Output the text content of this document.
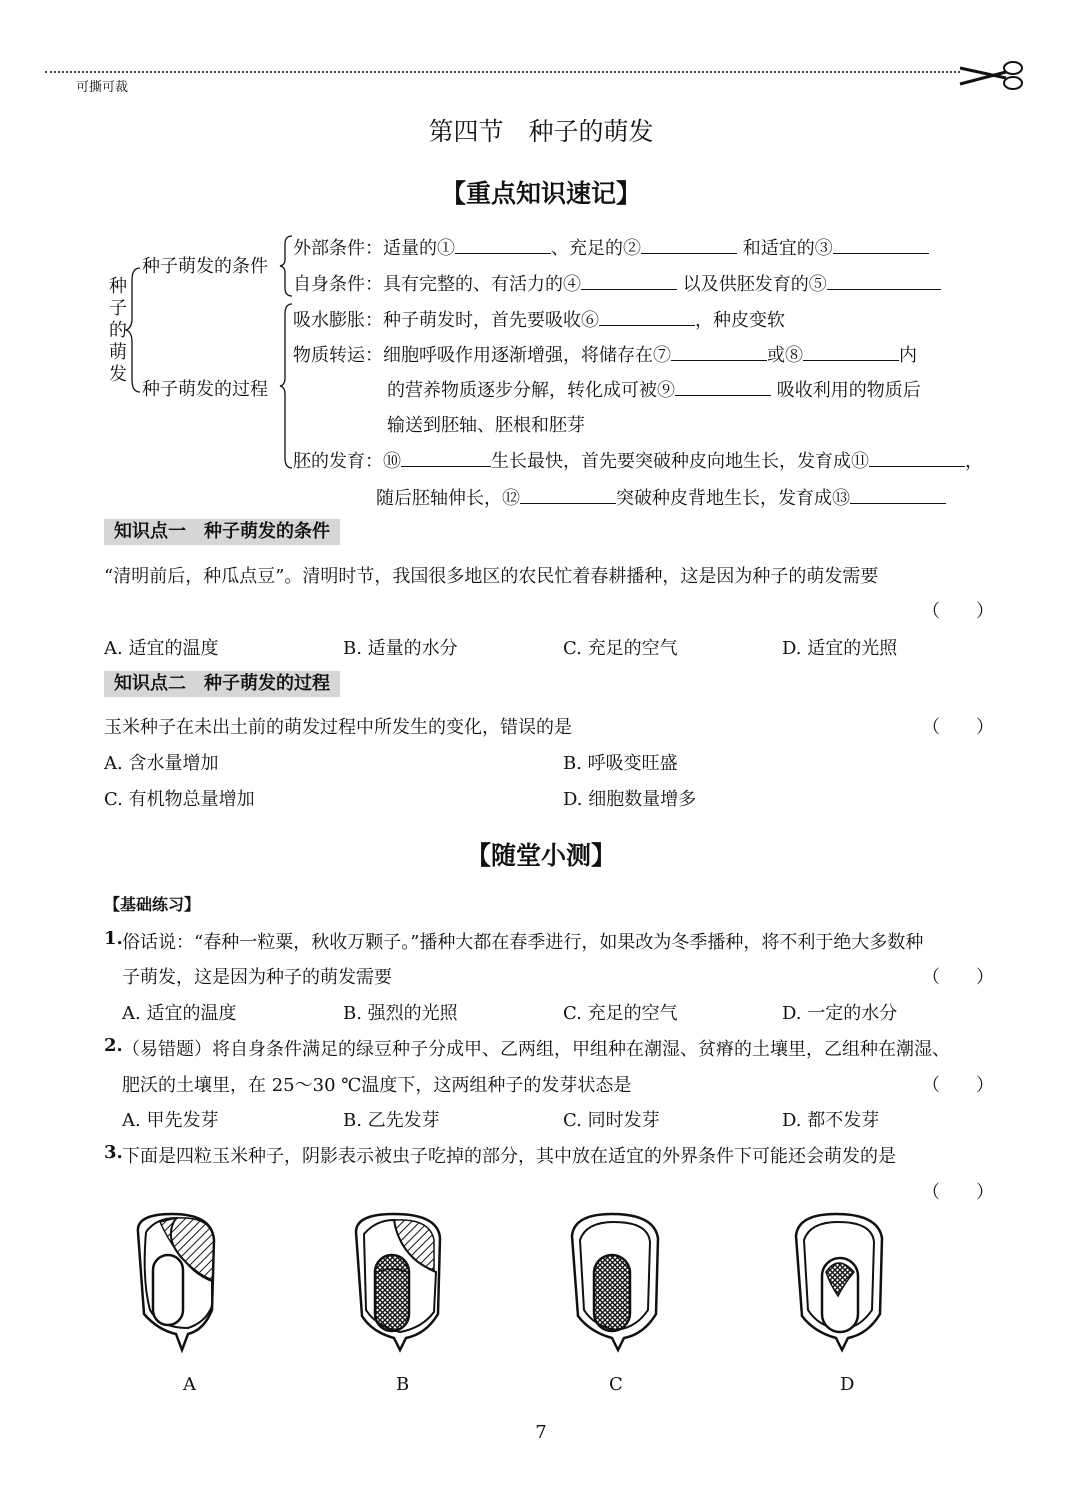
可撕可裁
第四节　种子的萌发
【重点知识速记】
种子的萌发
种子萌发的条件
种子萌发的过程
外部条件：适量的①	、充足的②	和适宜的③
自身条件：具有完整的、有活力的④	以及供胚发育的⑤
吸水膨胀：种子萌发时，首先要吸收⑥	，种皮变软
物质转运：细胞呼吸作用逐渐增强，将储存在⑦	或⑧	内
的营养物质逐步分解，转化成可被⑨	吸收利用的物质后
输送到胚轴、胚根和胚芽
胚的发育：⑩	生长最快，首先要突破种皮向地生长，发育成⑪	，
随后胚轴伸长，⑫	突破种皮背地生长，发育成⑬
知识点一　种子萌发的条件
“清明前后，种瓜点豆”。清明时节，我国很多地区的农民忙着春耕播种，这是因为种子的萌发需要
（　　）
A. 适宜的温度	B. 适量的水分	C. 充足的空气	D. 适宜的光照
知识点二　种子萌发的过程
玉米种子在未出土前的萌发过程中所发生的变化，错误的是	（　　）
A. 含水量增加	B. 呼吸变旺盛
C. 有机物总量增加	D. 细胞数量增多
【随堂小测】
【基础练习】
1. 俗话说：“春种一粒粟，秋收万颗子。”播种大都在春季进行，如果改为冬季播种，将不利于绝大多数种
子萌发，这是因为种子的萌发需要	（　　）
A. 适宜的温度	B. 强烈的光照	C. 充足的空气	D. 一定的水分
2. （易错题）将自身条件满足的绿豆种子分成甲、乙两组，甲组种在潮湿、贫瘠的土壤里，乙组种在潮湿、
肥沃的土壤里，在 25～30 ℃温度下，这两组种子的发芽状态是	（　　）
A. 甲先发芽	B. 乙先发芽	C. 同时发芽	D. 都不发芽
3. 下面是四粒玉米种子，阴影表示被虫子吃掉的部分，其中放在适宜的外界条件下可能还会萌发的是
（　　）
A	B	C	D
7
